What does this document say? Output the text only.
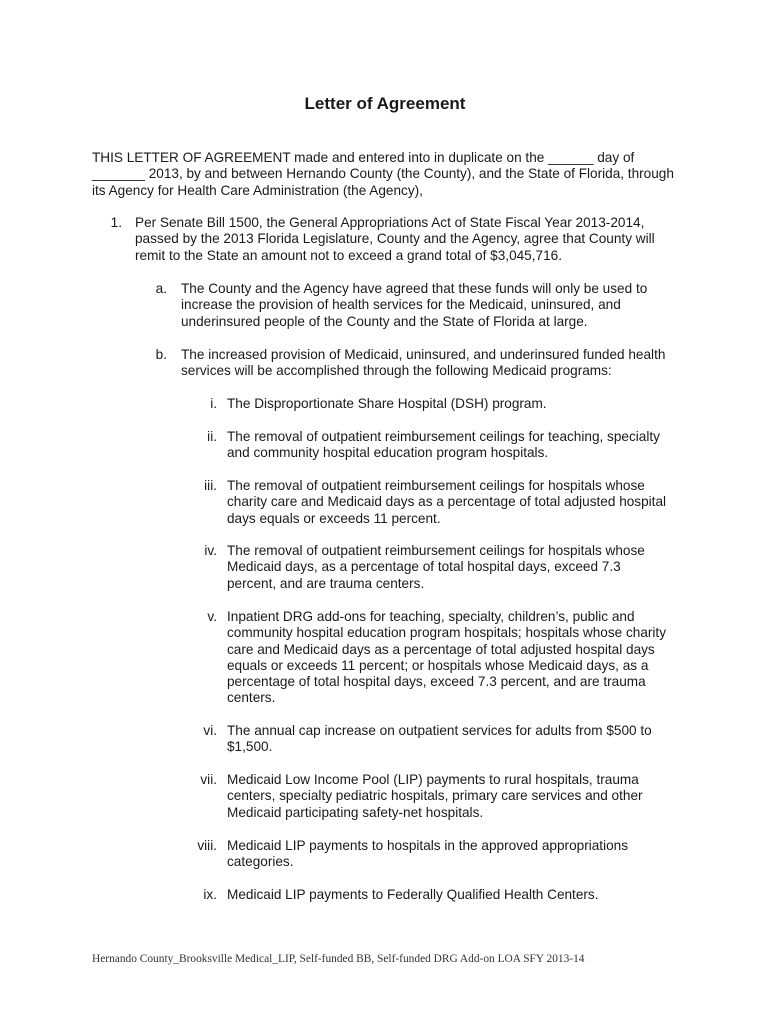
Letter of Agreement
THIS LETTER OF AGREEMENT made and entered into in duplicate on the ______ day of _______ 2013, by and between Hernando County (the County), and the State of Florida, through its Agency for Health Care Administration (the Agency),
1. Per Senate Bill 1500, the General Appropriations Act of State Fiscal Year 2013-2014, passed by the 2013 Florida Legislature, County and the Agency, agree that County will remit to the State an amount not to exceed a grand total of $3,045,716.
a. The County and the Agency have agreed that these funds will only be used to increase the provision of health services for the Medicaid, uninsured, and underinsured people of the County and the State of Florida at large.
b. The increased provision of Medicaid, uninsured, and underinsured funded health services will be accomplished through the following Medicaid programs:
i. The Disproportionate Share Hospital (DSH) program.
ii. The removal of outpatient reimbursement ceilings for teaching, specialty and community hospital education program hospitals.
iii. The removal of outpatient reimbursement ceilings for hospitals whose charity care and Medicaid days as a percentage of total adjusted hospital days equals or exceeds 11 percent.
iv. The removal of outpatient reimbursement ceilings for hospitals whose Medicaid days, as a percentage of total hospital days, exceed 7.3 percent, and are trauma centers.
v. Inpatient DRG add-ons for teaching, specialty, children’s, public and community hospital education program hospitals; hospitals whose charity care and Medicaid days as a percentage of total adjusted hospital days equals or exceeds 11 percent; or hospitals whose Medicaid days, as a percentage of total hospital days, exceed 7.3 percent, and are trauma centers.
vi. The annual cap increase on outpatient services for adults from $500 to $1,500.
vii. Medicaid Low Income Pool (LIP) payments to rural hospitals, trauma centers, specialty pediatric hospitals, primary care services and other Medicaid participating safety-net hospitals.
viii. Medicaid LIP payments to hospitals in the approved appropriations categories.
ix. Medicaid LIP payments to Federally Qualified Health Centers.
Hernando County_Brooksville Medical_LIP, Self-funded BB, Self-funded DRG Add-on LOA SFY 2013-14
